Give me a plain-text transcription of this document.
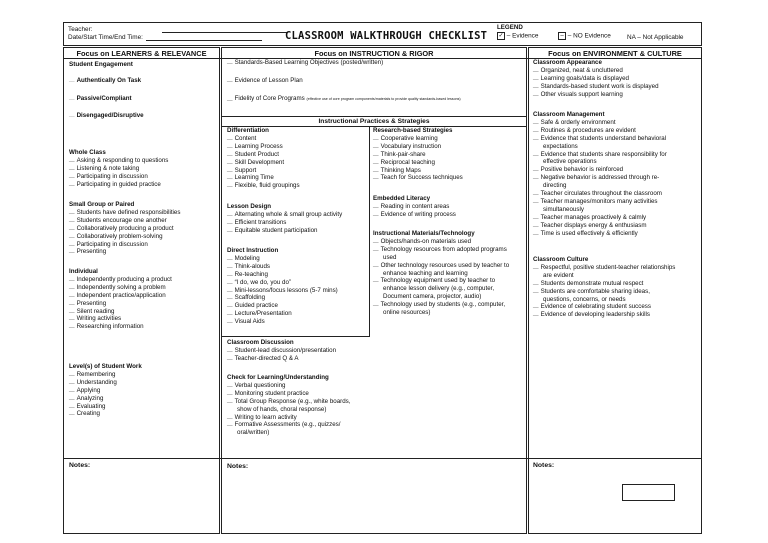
Teacher:
Date/Start Time/End Time:	CLASSROOM WALKTHROUGH CHECKLIST
LEGEND
✓ – Evidence	– – NO Evidence	NA – Not Applicable
Focus on LEARNERS & RELEVANCE	Focus on INSTRUCTION & RIGOR	Focus on ENVIRONMENT & CULTURE
Student Engagement
__ Authentically On Task
__ Passive/Compliant
__ Disengaged/Disruptive
Whole Class
__ Asking & responding to questions
__ Listening & note taking
__ Participating in discussion
__ Participating in guided practice
Small Group or Paired
__ Students have defined responsibilities
__ Students encourage one another
__ Collaboratively producing a product
__ Collaboratively problem-solving
__ Participating in discussion
__ Presenting
Individual
__ Independently producing a product
__ Independently solving a problem
__ Independent practice/application
__ Presenting
__ Silent reading
__ Writing activities
__ Researching information
Level(s) of Student Work
__ Remembering
__ Understanding
__ Applying
__ Analyzing
__ Evaluating
__ Creating
Notes:
__ Standards-Based Learning Objectives (posted/written)
__ Evidence of Lesson Plan
__ Fidelity of Core Programs (effective use of core program components/materials to provide quality standards-based lessons)
Instructional Practices & Strategies
Differentiation
__ Content
__ Learning Process
__ Student Product
__ Skill Development
__ Support
__ Learning Time
__ Flexible, fluid groupings
Lesson Design
__ Alternating whole & small group activity
__ Efficient transitions
__ Equitable student participation
Direct Instruction
__ Modeling
__ Think-alouds
__ Re-teaching
__ “I do, we do, you do”
__ Mini-lessons/focus lessons (5-7 mins)
__ Scaffolding
__ Guided practice
__ Lecture/Presentation
__ Visual Aids
Research-based Strategies
__ Cooperative learning
__ Vocabulary instruction
__ Think-pair-share
__ Reciprocal teaching
__ Thinking Maps
__ Teach for Success techniques
Embedded Literacy
__ Reading in content areas
__ Evidence of writing process
Instructional Materials/Technology
__ Objects/hands-on materials used
__ Technology resources from adopted programs
used
__ Other technology resources used by teacher to
enhance teaching and learning
__ Technology equipment used by teacher to
enhance lesson delivery (e.g., computer,
Document camera, projector, audio)
__ Technology used by students (e.g., computer,
online resources)
Classroom Discussion
__ Student-lead discussion/presentation
__ Teacher-directed Q & A
Check for Learning/Understanding
__ Verbal questioning
__ Monitoring student practice
__ Total Group Response (e.g., white boards,
show of hands, choral response)
__ Writing to learn activity
__ Formative Assessments (e.g., quizzes/
oral/written)
Notes:
Classroom Appearance
__ Organized, neat & uncluttered
__ Learning goals/data is displayed
__ Standards-based student work is displayed
__ Other visuals support learning
Classroom Management
__ Safe & orderly environment
__ Routines & procedures are evident
__ Evidence that students understand behavioral
expectations
__ Evidence that students share responsibility for
effective operations
__ Positive behavior is reinforced
__ Negative behavior is addressed through re-
directing
__ Teacher circulates throughout the classroom
__ Teacher manages/monitors many activities
simultaneously
__ Teacher manages proactively & calmly
__ Teacher displays energy & enthusiasm
__ Time is used effectively & efficiently
Classroom Culture
__ Respectful, positive student-teacher relationships
are evident
__ Students demonstrate mutual respect
__ Students are comfortable sharing ideas,
questions, concerns, or needs
__ Evidence of celebrating student success
__ Evidence of developing leadership skills
Notes:
